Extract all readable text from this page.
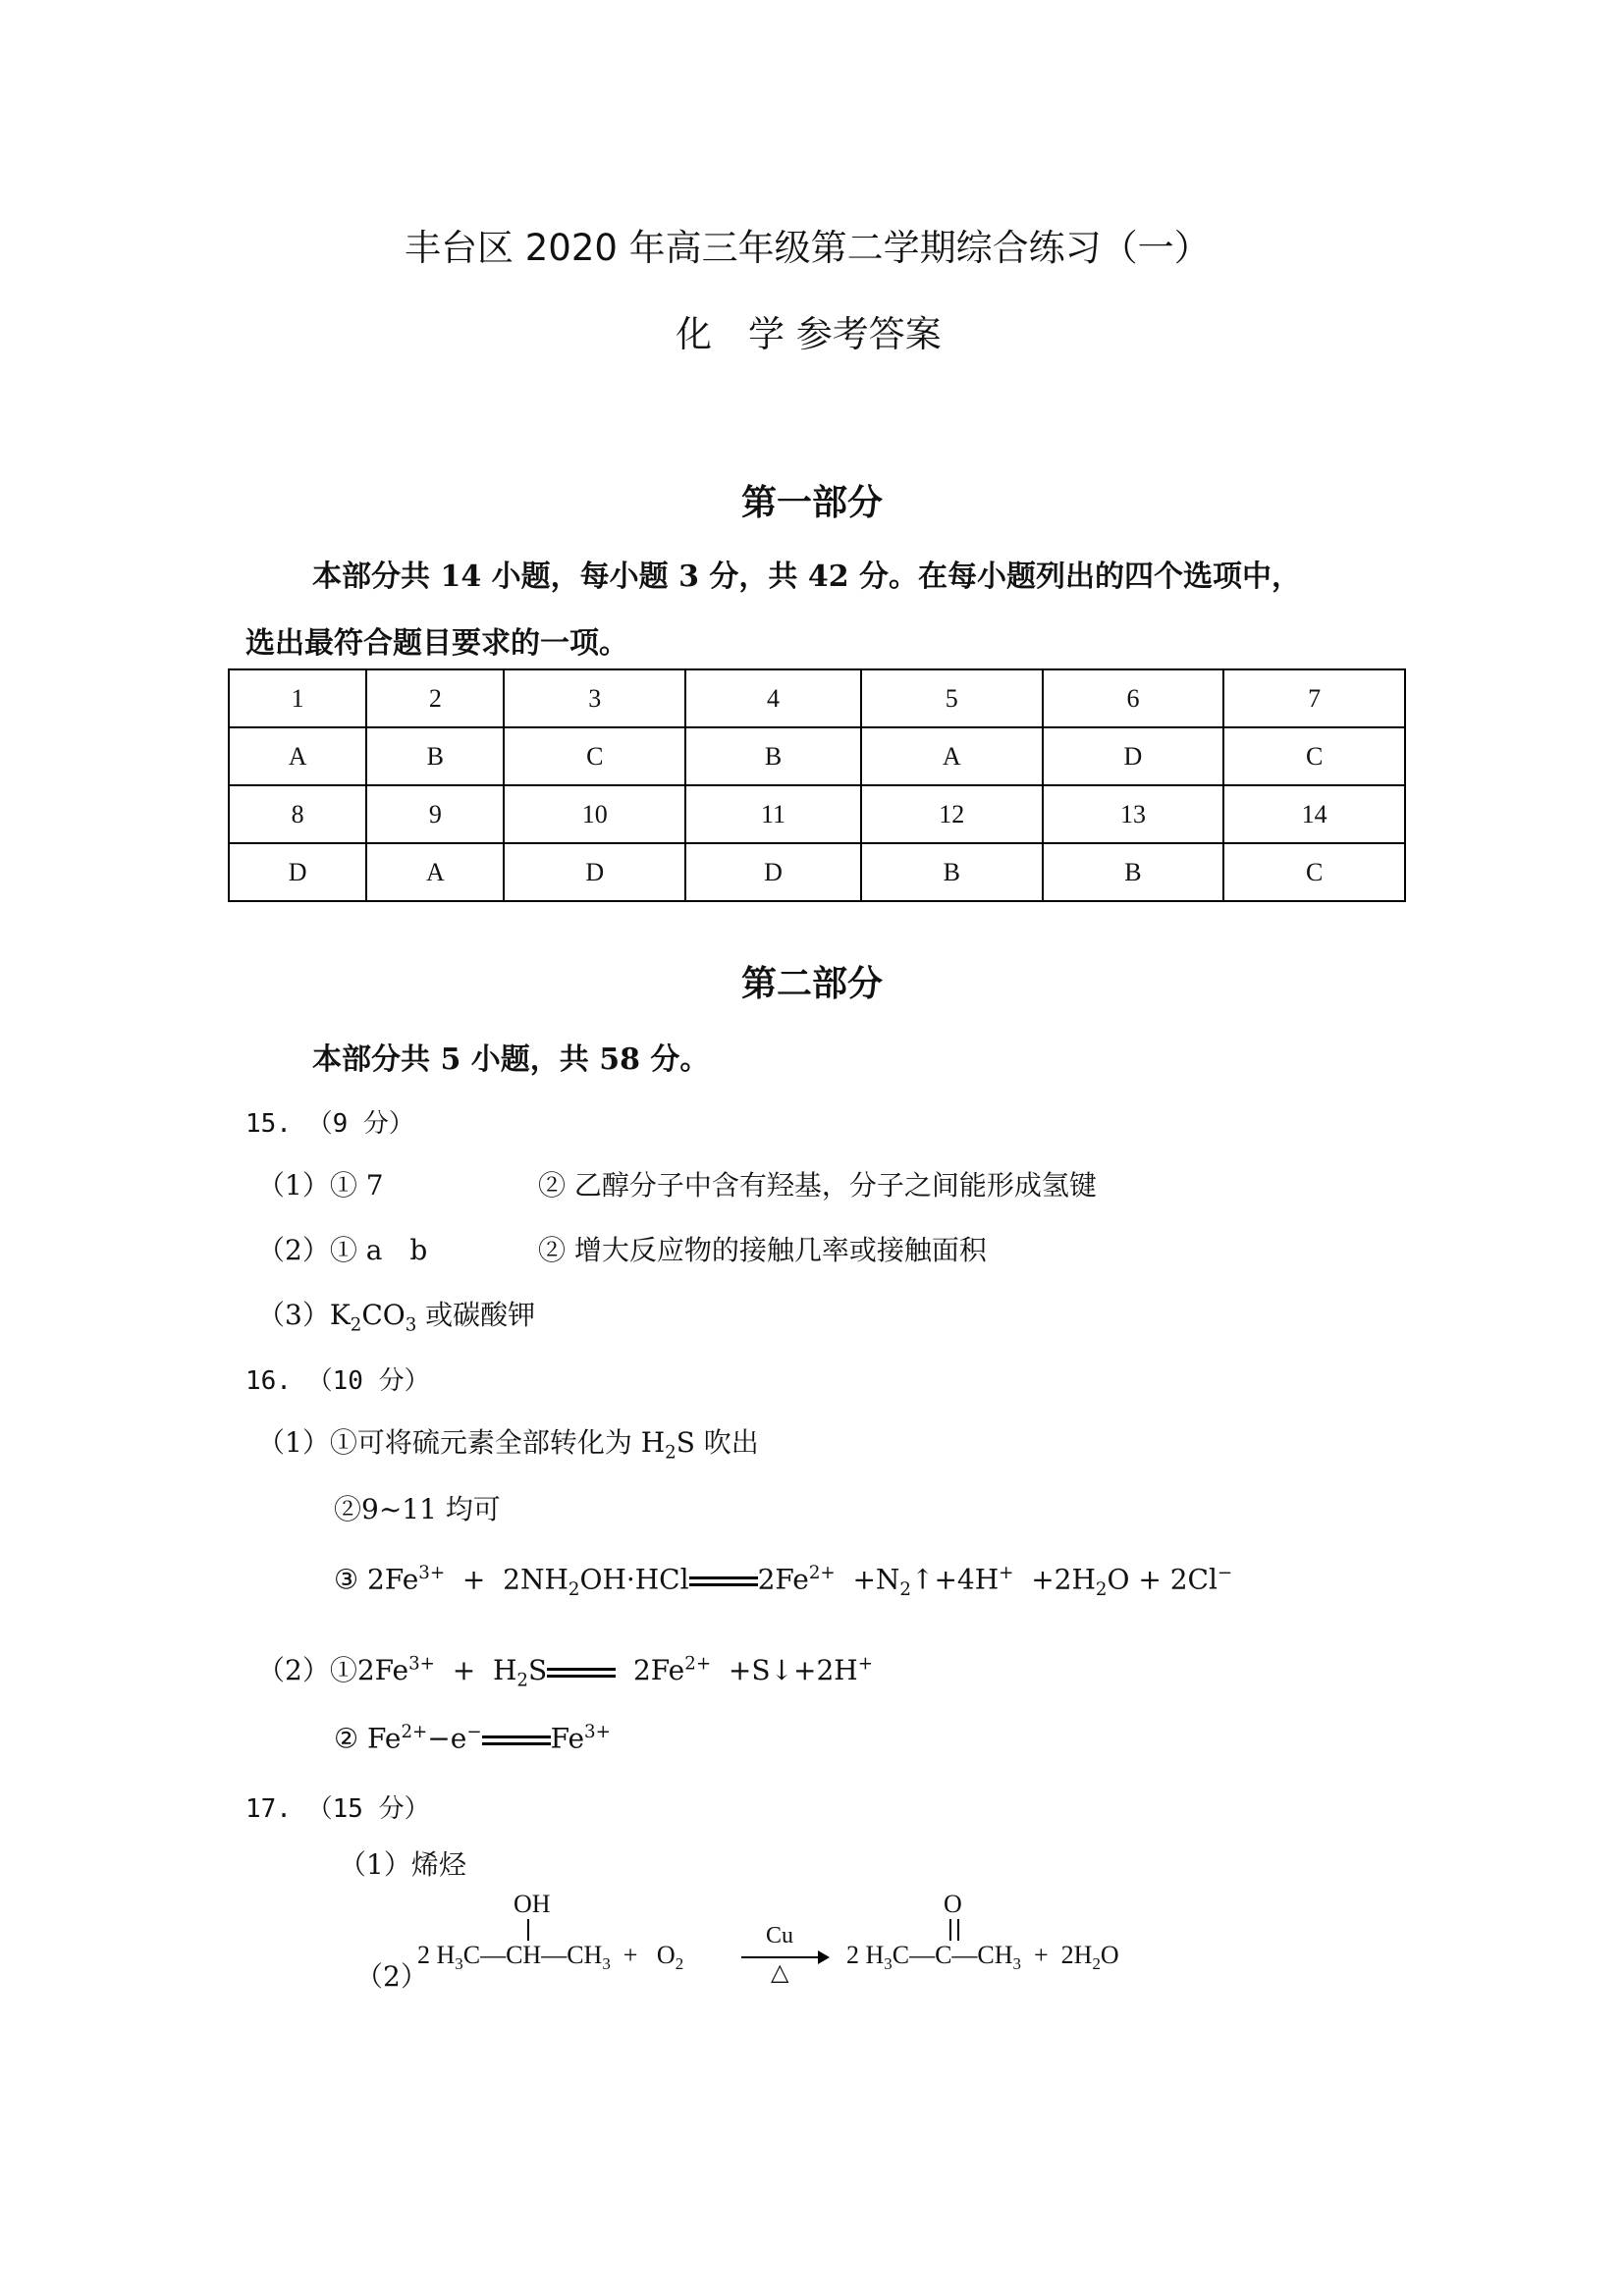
丰台区 2020 年高三年级第二学期综合练习（一）
化　学 参考答案
第一部分
本部分共 14 小题，每小题 3 分，共 42 分。在每小题列出的四个选项中，
选出最符合题目要求的一项。
1	2	3	4	5	6	7
A	B	C	B	A	D	C
8	9	10	11	12	13	14
D	A	D	D	B	B	C
第二部分
本部分共 5 小题，共 58 分。
15. （9 分）
（1）① 7	② 乙醇分子中含有羟基，分子之间能形成氢键
（2）① a　b	② 增大反应物的接触几率或接触面积
$(3)K_2CO_3$ 或碳酸钾
16. （10 分）
（1）①可将硫元素全部转化为 $H_2S$ 吹出
②9~11 均可
③ $2Fe^{3+} + 2NH_2OH\cdot HCl$	$2Fe^{2+}$  $+N_2↑+4H^+ +2H_2O + 2Cl^-$
$(2)①2Fe^{3+} + H_2S$	$2Fe^{2+}$  +S↓+2H+
② $Fe^{2+}-e^-$	$Fe^{3+}$
17. （15 分）
（1）烯烃
（2）
OH
2 $H_3C—CH—CH_3 + O_2$
Cu
△
O
2 $H_3C—C—CH_3 + 2H_2O$
